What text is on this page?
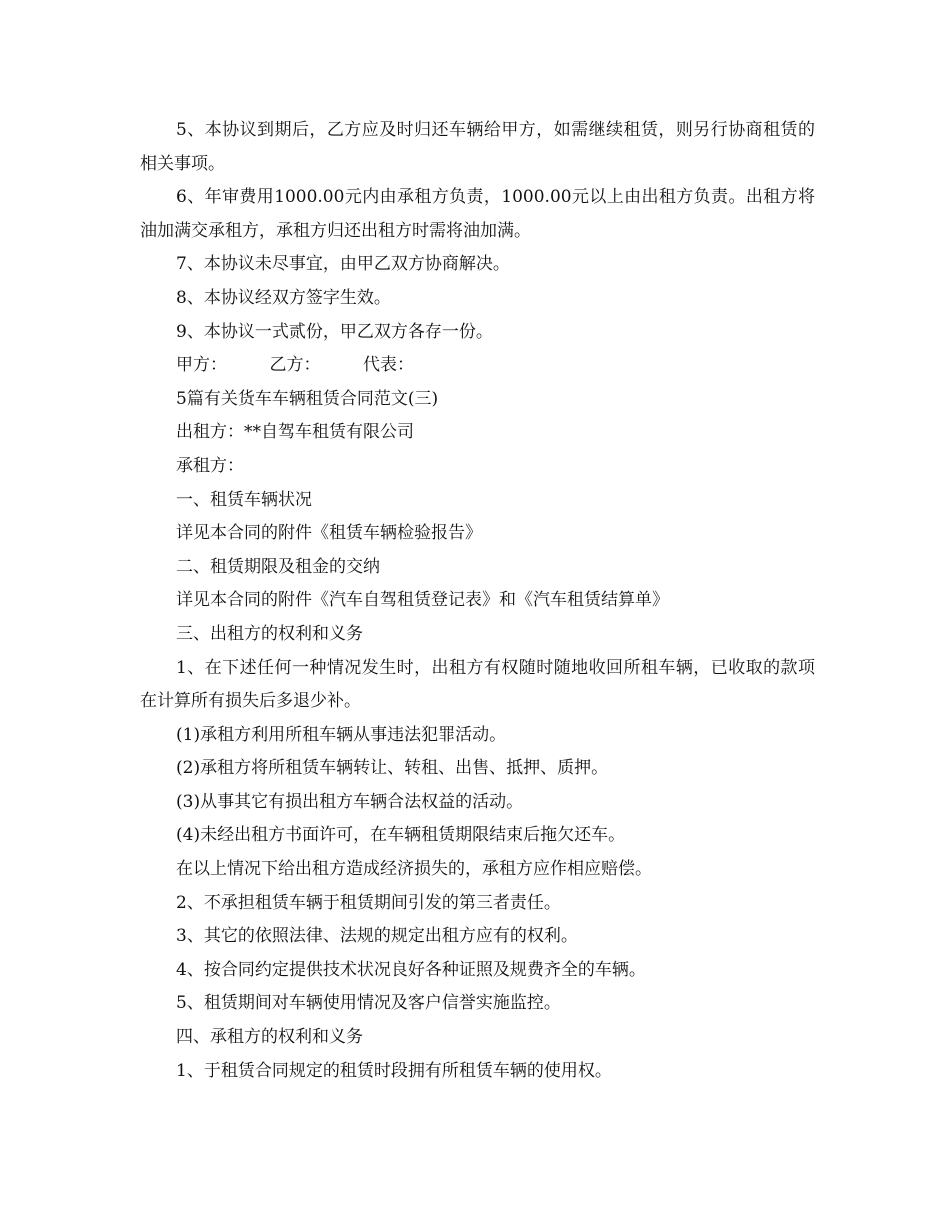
5、本协议到期后，乙方应及时归还车辆给甲方，如需继续租赁，则另行协商租赁的相关事项。

6、年审费用1000.00元内由承租方负责，1000.00元以上由出租方负责。出租方将油加满交承租方，承租方归还出租方时需将油加满。

7、本协议未尽事宜，由甲乙双方协商解决。

8、本协议经双方签字生效。

9、本协议一式贰份，甲乙双方各存一份。

甲方：　　　乙方：　　　代表：

5篇有关货车车辆租赁合同范文(三)

出租方：**自驾车租赁有限公司

承租方：

一、租赁车辆状况

详见本合同的附件《租赁车辆检验报告》

二、租赁期限及租金的交纳

详见本合同的附件《汽车自驾租赁登记表》和《汽车租赁结算单》

三、出租方的权利和义务

1、在下述任何一种情况发生时，出租方有权随时随地收回所租车辆，已收取的款项在计算所有损失后多退少补。

(1)承租方利用所租车辆从事违法犯罪活动。

(2)承租方将所租赁车辆转让、转租、出售、抵押、质押。

(3)从事其它有损出租方车辆合法权益的活动。

(4)未经出租方书面许可，在车辆租赁期限结束后拖欠还车。

在以上情况下给出租方造成经济损失的，承租方应作相应赔偿。

2、不承担租赁车辆于租赁期间引发的第三者责任。

3、其它的依照法律、法规的规定出租方应有的权利。

4、按合同约定提供技术状况良好各种证照及规费齐全的车辆。

5、租赁期间对车辆使用情况及客户信誉实施监控。

四、承租方的权利和义务

1、于租赁合同规定的租赁时段拥有所租赁车辆的使用权。
